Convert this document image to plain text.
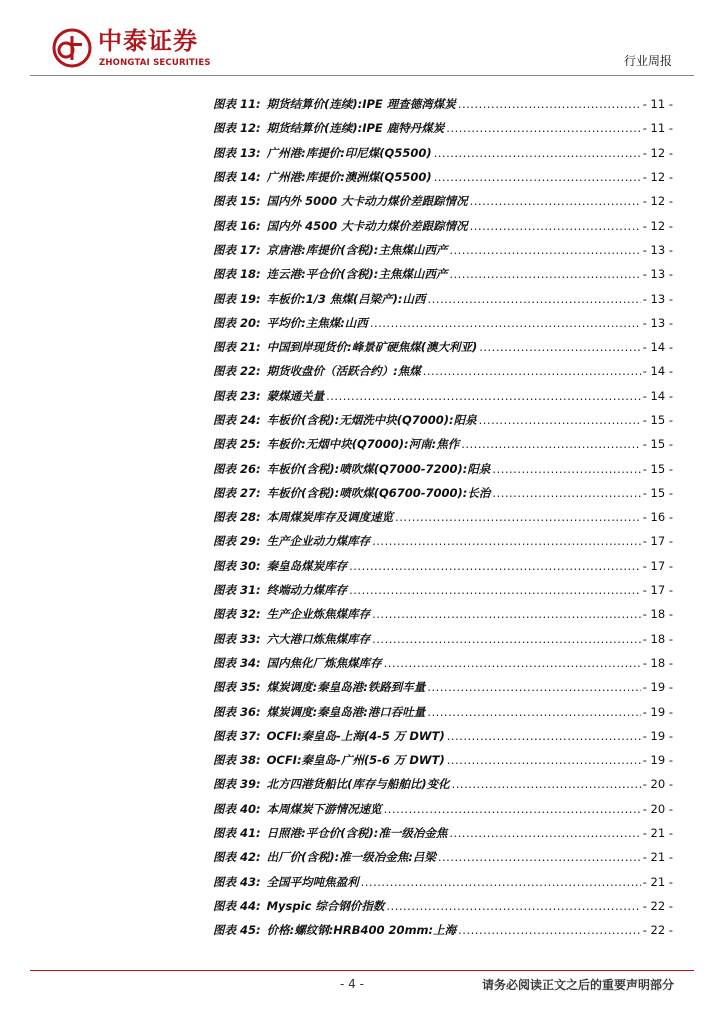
中泰证券
ZHONGTAI SECURITIES	行业周报
图表 11: 期货结算价(连续):IPE 理查德湾煤炭 .....	- 11 -
图表 12: 期货结算价(连续):IPE 鹿特丹煤炭 .....	- 11 -
图表 13: 广州港:库提价:印尼煤(Q5500) .....	- 12 -
图表 14: 广州港:库提价:澳洲煤(Q5500) .....	- 12 -
图表 15: 国内外 5000 大卡动力煤价差跟踪情况 .....	- 12 -
图表 16: 国内外 4500 大卡动力煤价差跟踪情况 .....	- 12 -
图表 17: 京唐港:库提价(含税):主焦煤山西产 .....	- 13 -
图表 18: 连云港:平仓价(含税):主焦煤山西产 .....	- 13 -
图表 19: 车板价:1/3 焦煤(吕梁产):山西 .....	- 13 -
图表 20: 平均价:主焦煤:山西 .....	- 13 -
图表 21: 中国到岸现货价:峰景矿硬焦煤(澳大利亚) .....	- 14 -
图表 22: 期货收盘价（活跃合约）:焦煤 .....	- 14 -
图表 23: 蒙煤通关量 .....	- 14 -
图表 24: 车板价(含税):无烟洗中块(Q7000):阳泉 .....	- 15 -
图表 25: 车板价:无烟中块(Q7000):河南:焦作 .....	- 15 -
图表 26: 车板价(含税):喷吹煤(Q7000-7200):阳泉 .....	- 15 -
图表 27: 车板价(含税):喷吹煤(Q6700-7000):长治 .....	- 15 -
图表 28: 本周煤炭库存及调度速览 .....	- 16 -
图表 29: 生产企业动力煤库存 .....	- 17 -
图表 30: 秦皇岛煤炭库存 .....	- 17 -
图表 31: 终端动力煤库存 .....	- 17 -
图表 32: 生产企业炼焦煤库存 .....	- 18 -
图表 33: 六大港口炼焦煤库存 .....	- 18 -
图表 34: 国内焦化厂炼焦煤库存 .....	- 18 -
图表 35: 煤炭调度:秦皇岛港:铁路到车量 .....	- 19 -
图表 36: 煤炭调度:秦皇岛港:港口吞吐量 .....	- 19 -
图表 37: OCFI:秦皇岛-上海(4-5 万 DWT) .....	- 19 -
图表 38: OCFI:秦皇岛-广州(5-6 万 DWT) .....	- 19 -
图表 39: 北方四港货船比(库存与船舶比)变化 .....	- 20 -
图表 40: 本周煤炭下游情况速览 .....	- 20 -
图表 41: 日照港:平仓价(含税):准一级冶金焦 .....	- 21 -
图表 42: 出厂价(含税):准一级冶金焦:吕梁 .....	- 21 -
图表 43: 全国平均吨焦盈利 .....	- 21 -
图表 44: Myspic 综合钢价指数 .....	- 22 -
图表 45: 价格:螺纹钢:HRB400 20mm:上海 .....	- 22 -
- 4 -	请务必阅读正文之后的重要声明部分
